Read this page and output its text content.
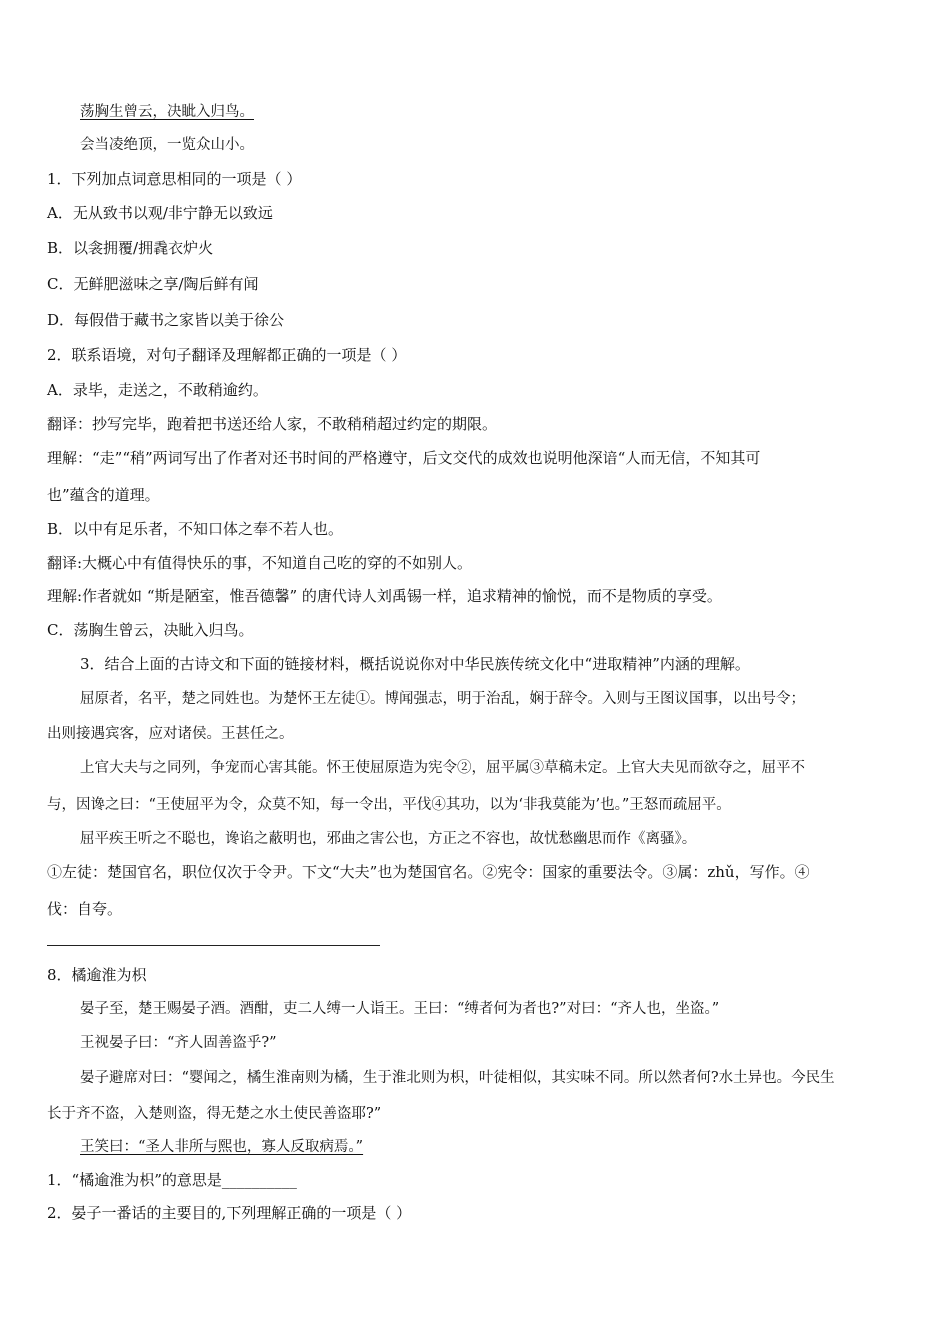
荡胸生曾云，决眦入归鸟。

会当凌绝顶，一览众山小。

1．下列加点词意思相同的一项是（ ）

A．无从致书以观/非宁静无以致远

B．以衾拥覆/拥毳衣炉火

C．无鲜肥滋味之享/陶后鲜有闻

D．每假借于藏书之家皆以美于徐公

2．联系语境，对句子翻译及理解都正确的一项是（ ）

A．录毕，走送之，不敢稍逾约。

翻译：抄写完毕，跑着把书送还给人家，不敢稍稍超过约定的期限。

理解：“走”“稍”两词写出了作者对还书时间的严格遵守，后文交代的成效也说明他深谙“人而无信，不知其可

也”蕴含的道理。

B．以中有足乐者，不知口体之奉不若人也。

翻译:大概心中有值得快乐的事，不知道自己吃的穿的不如别人。

理解:作者就如 “斯是陋室，惟吾德馨” 的唐代诗人刘禹锡一样，追求精神的愉悦，而不是物质的享受。

C．荡胸生曾云，决眦入归鸟。

3．结合上面的古诗文和下面的链接材料，概括说说你对中华民族传统文化中“进取精神”内涵的理解。

屈原者，名平，楚之同姓也。为楚怀王左徒①。博闻强志，明于治乱，娴于辞令。入则与王图议国事，以出号令；

出则接遇宾客，应对诸侯。王甚任之。

上官大夫与之同列，争宠而心害其能。怀王使屈原造为宪令②，屈平属③草稿未定。上官大夫见而欲夺之，屈平不

与，因谗之曰：“王使屈平为令，众莫不知，每一令出，平伐④其功，以为‘非我莫能为’也。”王怒而疏屈平。

屈平疾王听之不聪也，谗谄之蔽明也，邪曲之害公也，方正之不容也，故忧愁幽思而作《离骚》。

①左徒：楚国官名，职位仅次于令尹。下文“大夫”也为楚国官名。②宪令：国家的重要法令。③属：zhǔ，写作。④

伐：自夸。

8．橘逾淮为枳

晏子至，楚王赐晏子酒。酒酣，吏二人缚一人诣王。王曰：“缚者何为者也?”对曰：“齐人也，坐盗。”

王视晏子曰：“齐人固善盗乎?”

晏子避席对曰：“婴闻之，橘生淮南则为橘，生于淮北则为枳，叶徒相似，其实味不同。所以然者何?水土异也。今民生

长于齐不盗，入楚则盗，得无楚之水土使民善盗耶?”

王笑曰：“圣人非所与熙也，寡人反取病焉。”

1．“橘逾淮为枳”的意思是__________

2．晏子一番话的主要目的,下列理解正确的一项是（ ）
